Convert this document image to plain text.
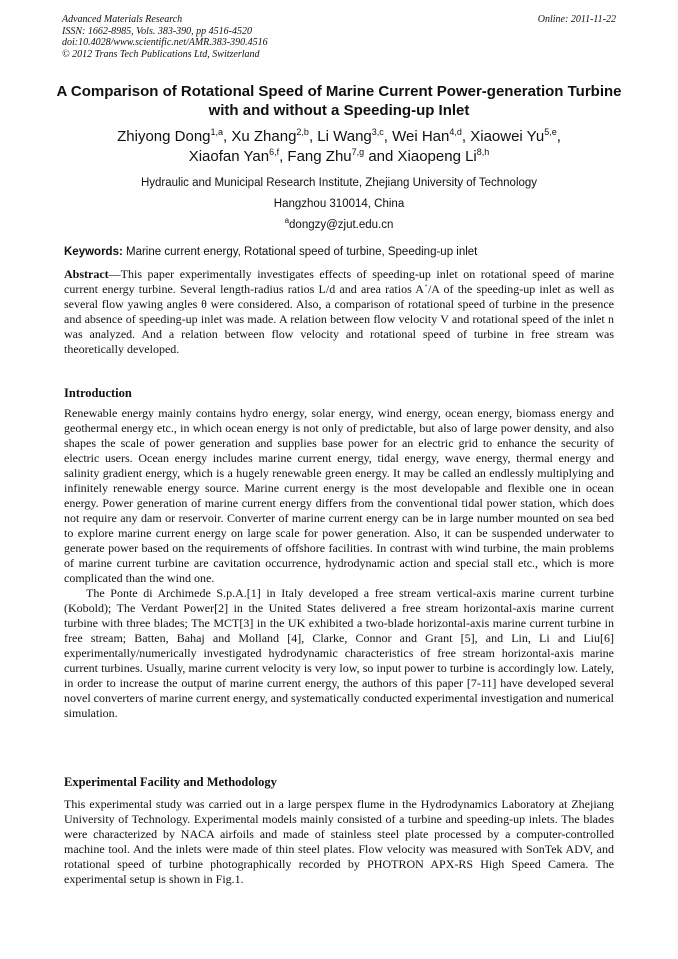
Advanced Materials Research
ISSN: 1662-8985, Vols. 383-390, pp 4516-4520
doi:10.4028/www.scientific.net/AMR.383-390.4516
© 2012 Trans Tech Publications Ltd, Switzerland
Online: 2011-11-22
A Comparison of Rotational Speed of Marine Current Power-generation Turbine with and without a Speeding-up Inlet
Zhiyong Dong$^{1,a}$, Xu Zhang$^{2,b}$, Li Wang$^{3,c}$, Wei Han$^{4,d}$, Xiaowei Yu$^{5,e}$,
Xiaofan Yan$^{6,f}$, Fang Zhu$^{7,g}$ and Xiaopeng Li$^{8,h}$
Hydraulic and Municipal Research Institute, Zhejiang University of Technology
Hangzhou 310014, China
$^a$dongzy@zjut.edu.cn
Keywords: Marine current energy, Rotational speed of turbine, Speeding-up inlet
Abstract—This paper experimentally investigates effects of speeding-up inlet on rotational speed of marine current energy turbine. Several length-radius ratios L/d and area ratios A´/A of the speeding-up inlet as well as several flow yawing angles θ were considered. Also, a comparison of rotational speed of turbine in the presence and absence of speeding-up inlet was made. A relation between flow velocity V and rotational speed of the inlet n was analyzed. And a relation between flow velocity and rotational speed of turbine in free stream was theoretically developed.
Introduction

Renewable energy mainly contains hydro energy, solar energy, wind energy, ocean energy, biomass energy and geothermal energy etc., in which ocean energy is not only of predictable, but also of large power density, and also shapes the scale of power generation and supplies base power for an electric grid to enhance the security of electric users. Ocean energy includes marine current energy, tidal energy, wave energy, thermal energy and salinity gradient energy, which is a hugely renewable green energy. It may be called an endlessly multiplying and infinitely renewable energy source. Marine current energy is the most developable and flexible one in ocean energy. Power generation of marine current energy differs from the conventional tidal power station, which does not require any dam or reservoir. Converter of marine current energy can be in large number mounted on sea bed to explore marine current energy on large scale for power generation. Also, it can be suspended underwater to generate power based on the requirements of offshore facilities. In contrast with wind turbine, the main problems of marine current turbine are cavitation occurrence, hydrodynamic action and special stall etc., which is more complicated than the wind one.

The Ponte di Archimede S.p.A.[1] in Italy developed a free stream vertical-axis marine current turbine (Kobold); The Verdant Power[2] in the United States delivered a free stream horizontal-axis marine current turbine with three blades; The MCT[3] in the UK exhibited a two-blade horizontal-axis marine current turbine in free stream; Batten, Bahaj and Molland [4], Clarke, Connor and Grant [5], and Lin, Li and Liu[6] experimentally/numerically investigated hydrodynamic characteristics of free stream horizontal-axis marine current turbines. Usually, marine current velocity is very low, so input power to turbine is accordingly low. Lately, in order to increase the output of marine current energy, the authors of this paper [7-11] have developed several novel converters of marine current energy, and systematically conducted experimental investigation and numerical simulation.

Experimental Facility and Methodology

This experimental study was carried out in a large perspex flume in the Hydrodynamics Laboratory at Zhejiang University of Technology. Experimental models mainly consisted of a turbine and speeding-up inlets. The blades were characterized by NACA airfoils and made of stainless steel plate processed by a computer-controlled machine tool. And the inlets were made of thin steel plates. Flow velocity was measured with SonTek ADV, and rotational speed of turbine photographically recorded by PHOTRON APX-RS High Speed Camera. The experimental setup is shown in Fig.1.
